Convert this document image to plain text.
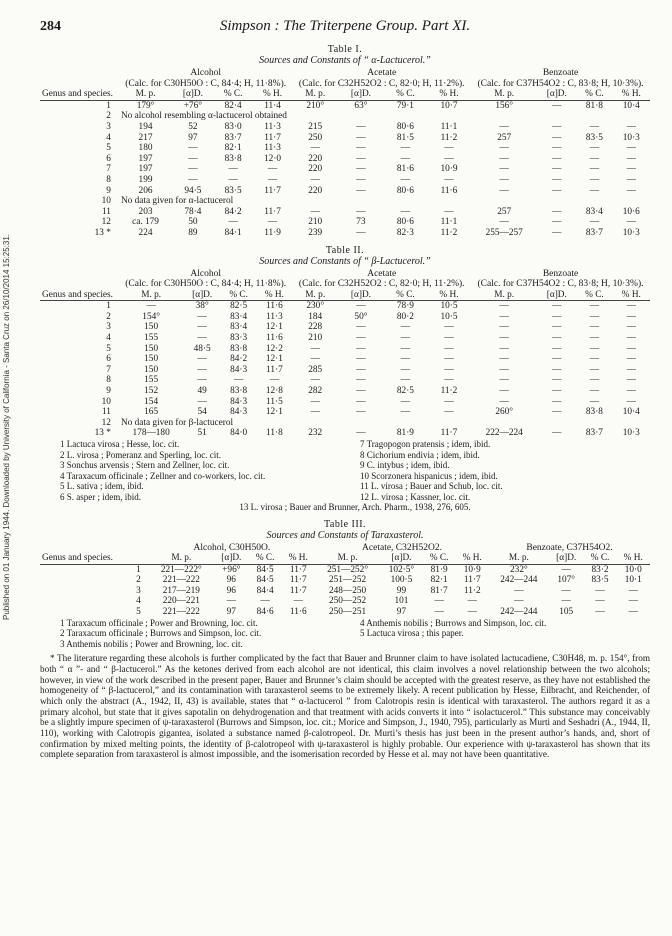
Published on 01 January 1944. Downloaded by University of California - Santa Cruz on 26/10/2014 15:25:31.
284	Simpson : The Triterpene Group. Part XI.
Table I.
Sources and Constants of “ α-Lactucerol.”
	Alcohol				Acetate				Benzoate			
	(Calc. for C30H50O : C, 84·4; H, 11·8%).				(Calc. for C32H52O2 : C, 82·0; H, 11·2%).				(Calc. for C37H54O2 : C, 83·8; H, 10·3%).			
Genus and species.	M. p.	[α]D.	% C.	% H.	M. p.	[α]D.	% C.	% H.	M. p.	[α]D.	% C.	% H.
1	179°	+76°	82·4	11·4	210°	63°	79·1	10·7	156°	—	81·8	10·4
2	No alcohol resembling α-lactucerol obtained											
3	194	52	83·0	11·3	215	—	80·6	11·1	—	—	—	—
4	217	97	83·7	11·7	250	—	81·5	11·2	257	—	83·5	10·3
5	180	—	82·1	11·3	—	—	—	—	—	—	—	—
6	197	—	83·8	12·0	220	—	—	—	—	—	—	—
7	197	—	—	—	220	—	81·6	10·9	—	—	—	—
8	199	—	—	—	—	—	—	—	—	—	—	—
9	206	94·5	83·5	11·7	220	—	80·6	11·6	—	—	—	—
10	No data given for α-lactucerol											
11	203	78·4	84·2	11·7	—	—	—	—	257	—	83·4	10·6
12	ca. 179	50	—	—	210	73	80·6	11·1	—	—	—	—
13 *	224	89	84·1	11·9	239	—	82·3	11·2	255—257	—	83·7	10·3
Table II.
Sources and Constants of “ β-Lactucerol.”
	Alcohol				Acetate				Benzoate			
	(Calc. for C30H50O : C, 84·4; H, 11·8%).				(Calc. for C32H52O2 : C, 82·0; H, 11·2%).				(Calc. for C37H54O2 : C, 83·8; H, 10·3%).			
Genus and species.	M. p.	[α]D.	% C.	% H.	M. p.	[α]D.	% C.	% H.	M. p.	[α]D.	% C.	% H.
1	—	38°	82·5	11·6	230°	—	78·9	10·5	—	—	—	—
2	154°	—	83·4	11·3	184	50°	80·2	10·5	—	—	—	—
3	150	—	83·4	12·1	228	—	—	—	—	—	—	—
4	155	—	83·3	11·6	210	—	—	—	—	—	—	—
5	150	48·5	83·8	12·2	—	—	—	—	—	—	—	—
6	150	—	84·2	12·1	—	—	—	—	—	—	—	—
7	150	—	84·3	11·7	285	—	—	—	—	—	—	—
8	155	—	—	—	—	—	—	—	—	—	—	—
9	152	49	83·8	12·8	282	—	82·5	11·2	—	—	—	—
10	154	—	84·3	11·5	—	—	—	—	—	—	—	—
11	165	54	84·3	12·1	—	—	—	—	260°	—	83·8	10·4
12	No data given for β-lactucerol											
13 *	178—180	51	84·0	11·8	232	—	81·9	11·7	222—224	—	83·7	10·3
1 Lactuca virosa ; Hesse, loc. cit.	7 Tragopogon pratensis ; idem, ibid.
2 L. virosa ; Pomeranz and Sperling, loc. cit.	8 Cichorium endivia ; idem, ibid.
3 Sonchus arvensis ; Stern and Zellner, loc. cit.	9 C. intybus ; idem, ibid.
4 Taraxacum officinale ; Zellner and co-workers, loc. cit.	10 Scorzonera hispanicus ; idem, ibid.
5 L. sativa ; idem, ibid.	11 L. virosa ; Bauer and Schub, loc. cit.
6 S. asper ; idem, ibid.	12 L. virosa ; Kassner, loc. cit.
13 L. virosa ; Bauer and Brunner, Arch. Pharm., 1938, 276, 605.
Table III.
Sources and Constants of Taraxasterol.
	Alcohol, C30H50O.				Acetate, C32H52O2.				Benzoate, C37H54O2.			
Genus and species.	M. p.	[α]D.	% C.	% H.	M. p.	[α]D.	% C.	% H.	M. p.	[α]D.	% C.	% H.
1	221—222°	+96°	84·5	11·7	251—252°	102·5°	81·9	10·9	232°	—	83·2	10·0
2	221—222	96	84·5	11·7	251—252	100·5	82·1	11·7	242—244	107°	83·5	10·1
3	217—219	96	84·4	11·7	248—250	99	81·7	11·2	—	—	—	—
4	220—221	—	—	—	250—252	101	—	—	—	—	—	—
5	221—222	97	84·6	11·6	250—251	97	—	—	242—244	105	—	—
1 Taraxacum officinale ; Power and Browning, loc. cit.	4 Anthemis nobilis ; Burrows and Simpson, loc. cit.
2 Taraxacum officinale ; Burrows and Simpson, loc. cit.	5 Lactuca virosa ; this paper.
3 Anthemis nobilis ; Power and Browning, loc. cit.

* The literature regarding these alcohols is further complicated by the fact that Bauer and Brunner claim to have isolated lactucadiene, C30H48, m. p. 154°, from both “ α ”- and “ β-lactucerol.” As the ketones derived from each alcohol are not identical, this claim involves a novel relationship between the two alcohols; however, in view of the work described in the present paper, Bauer and Brunner’s claim should be accepted with the greatest reserve, as they have not established the homogeneity of “ β-lactucerol,” and its contamination with taraxasterol seems to be extremely likely. A recent publication by Hesse, Eilbracht, and Reichender, of which only the abstract (A., 1942, II, 43) is available, states that “ α-lactucerol ” from Calotropis resin is identical with taraxasterol. The authors regard it as a primary alcohol, but state that it gives sapotalin on dehydrogenation and that treatment with acids converts it into “ isolactucerol.” This substance may conceivably be a slightly impure specimen of ψ-taraxasterol (Burrows and Simpson, loc. cit.; Morice and Simpson, J., 1940, 795), particularly as Murti and Seshadri (A., 1944, II, 110), working with Calotropis gigantea, isolated a substance named β-calotropeol. Dr. Murti’s thesis has just been in the present author’s hands, and, short of confirmation by mixed melting points, the identity of β-calotropeol with ψ-taraxasterol is highly probable. Our experience with ψ-taraxasterol has shown that its complete separation from taraxasterol is almost impossible, and the isomerisation recorded by Hesse et al. may not have been quantitative.
